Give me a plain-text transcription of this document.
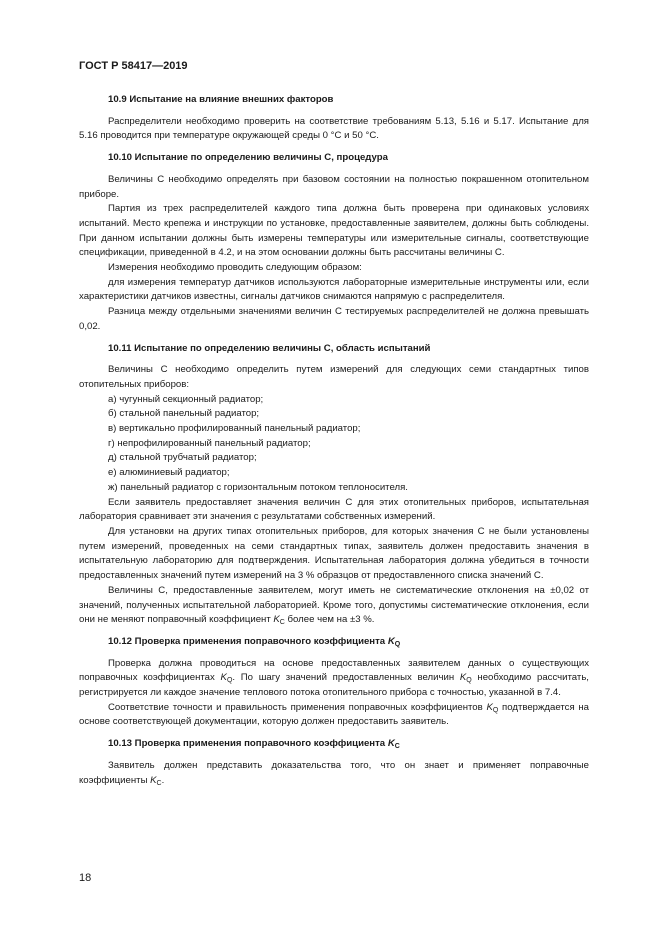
ГОСТ Р 58417—2019
10.9 Испытание на влияние внешних факторов

Распределители необходимо проверить на соответствие требованиям 5.13, 5.16 и 5.17. Испытание для 5.16 проводится при температуре окружающей среды 0 °С и 50 °С.

10.10 Испытание по определению величины С, процедура

Величины С необходимо определять при базовом состоянии на полностью покрашенном отопительном приборе.

Партия из трех распределителей каждого типа должна быть проверена при одинаковых условиях испытаний. Место крепежа и инструкции по установке, предоставленные заявителем, должны быть соблюдены. При данном испытании должны быть измерены температуры или измерительные сигналы, соответствующие спецификации, приведенной в 4.2, и на этом основании должны быть рассчитаны величины С.

Измерения необходимо проводить следующим образом:

для измерения температур датчиков используются лабораторные измерительные инструменты или, если характеристики датчиков известны, сигналы датчиков снимаются напрямую с распределителя.

Разница между отдельными значениями величин С тестируемых распределителей не должна превышать 0,02.

10.11 Испытание по определению величины С, область испытаний

Величины С необходимо определить путем измерений для следующих семи стандартных типов отопительных приборов:

а) чугунный секционный радиатор;

б) стальной панельный радиатор;

в) вертикально профилированный панельный радиатор;

г) непрофилированный панельный радиатор;

д) стальной трубчатый радиатор;

е) алюминиевый радиатор;

ж) панельный радиатор с горизонтальным потоком теплоносителя.

Если заявитель предоставляет значения величин С для этих отопительных приборов, испытательная лаборатория сравнивает эти значения с результатами собственных измерений.

Для установки на других типах отопительных приборов, для которых значения С не были установлены путем измерений, проведенных на семи стандартных типах, заявитель должен предоставить значения в испытательную лабораторию для подтверждения. Испытательная лаборатория должна убедиться в точности предоставленных значений путем измерений на 3 % образцов от предоставленного списка значений С.

Величины С, предоставленные заявителем, могут иметь не систематические отклонения на ±0,02 от значений, полученных испытательной лабораторией. Кроме того, допустимы систематические отклонения, если они не меняют поправочный коэффициент $K_C$ более чем на ±3 %.

10.12 Проверка применения поправочного коэффициента $K_Q$

Проверка должна проводиться на основе предоставленных заявителем данных о существующих поправочных коэффициентах $K_Q$. По шагу значений предоставленных величин $K_Q$ необходимо рассчитать, регистрируется ли каждое значение теплового потока отопительного прибора с точностью, указанной в 7.4.

Соответствие точности и правильность применения поправочных коэффициентов $K_Q$ подтверждается на основе соответствующей документации, которую должен предоставить заявитель.

10.13 Проверка применения поправочного коэффициента $K_C$

Заявитель должен представить доказательства того, что он знает и применяет поправочные коэффициенты $K_C$.

18
